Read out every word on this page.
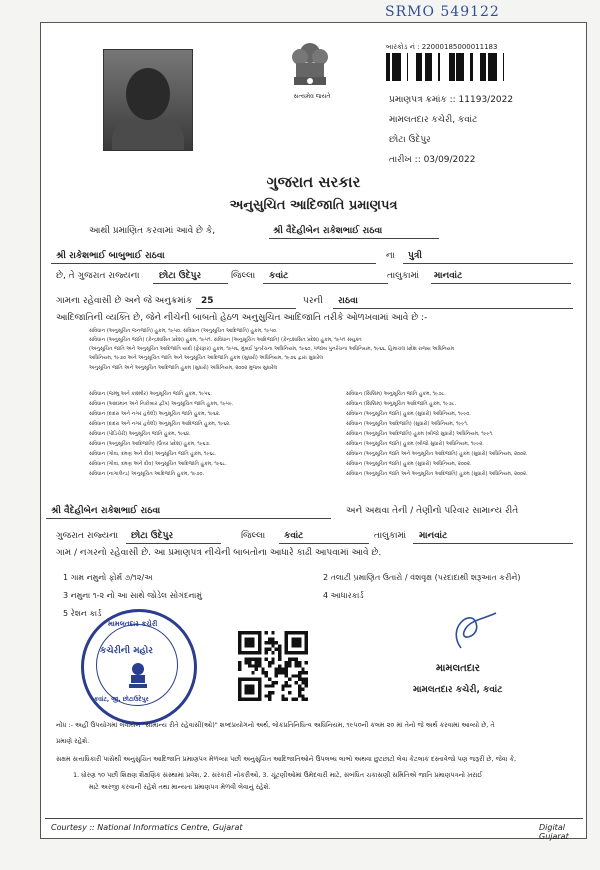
SRMO 549122
સત્યમેવ જયતે
બારકોડ નં : 22000185000011183
પ્રમાણપત્ર ક્રમાંક :: 11193/2022
મામલતદાર કચેરી, કવાંટ
છોટા ઉદેપુર
તારીખ :: 03/09/2022
ગુજરાત સરકાર
અનુસુચિત આદિજાતિ પ્રમાણપત્ર
આથી પ્રમાણિત કરવામાં આવે છે કે,	શ્રી વૈદેહીબેન રાકેશભાઈ રાઠવા
શ્રી રાકેશભાઈ બાબુભાઈ રાઠવા	ના પુત્રી
છે, તે ગુજરાત રાજ્યના છોટા ઉદેપુર	જિલ્લા કવાંટ	તાલુકામાં માનવાંટ
ગામના રહેવાસી છે અને જે અનુક્રમાંક 25	પરની રાઠવા
આદિજાતિની વ્યક્તિ છે, જેને નીચેની બાબતો હેઠળ અનુસુચિત આદિજાતિ તરીકે ઓળખવામાં આવે છે :-
સંવિધાન (અનુસૂચિત જનજાતિ) હુકમ, ૧૯૫૦. સંવિધાન (અનુસૂચિત આદિજાતિ) હુકમ, ૧૯૫૦.
સંવિધાન (અનુસૂચિત જાતિ) (કેન્દ્રશાસિત પ્રદેશ) હુકમ, ૧૯૫૧. સંવિધાન (અનુસૂચિત આદિજાતિ) (કેન્દ્રશાસિત પ્રદેશ) હુકમ, ૧૯૫૧ સંયુક્ત
(અનુસૂચિત જાતિ અને અનુસૂચિત આદિજાતિ યાદી (ફેરફાર) હુકમ, ૧૯૫૬, મુંબઈ પુનર્રચના અધિનિયમ, ૧૯૬૦, પંજાબ પુનર્રચના અધિનિયમ, ૧૯૬૬, હિમાચલ પ્રદેશ રાજ્ય અધિનિયમ
અધિનિયમ, ૧૯૭૦ અને અનુસૂચિત જાતિ અને અનુસૂચિત આદિજાતિ હુકમ (સુધારો) અધિનિયમ, ૧૯૭૬ દ્વારા સુધારેલ
અનુસૂચિત જાતિ અને અનુસૂચિત આદિજાતિ હુકમ (સુધારો) અધિનિયમ, ૨૦૦૨ મુજબ સુધારેલ
સંવિધાન (જમ્મુ અને કાશ્મીર) અનુસૂચિત જાતિ હુકમ, ૧૯૫૬.
સંવિધાન (આંદામાન અને નિકોબાર દ્વીપ) અનુસૂચિત જાતિ હુકમ, ૧૯૫૯.
સંવિધાન (દાદરા અને નગર હવેલી) અનુસૂચિત જાતિ હુકમ, ૧૯૬૨.
સંવિધાન (દાદરા અને નગર હવેલી) અનુસૂચિત આદિજાતિ હુકમ, ૧૯૬૨.
સંવિધાન (પોંડિચેરી) અનુસૂચિત જાતિ હુકમ, ૧૯૬૪.
સંવિધાન (અનુસૂચિત આદિજાતિ) (ઉત્તર પ્રદેશ) હુકમ, ૧૯૬૭.
સંવિધાન (ગોવા, દમણ અને દીવ) અનુસૂચિત જાતિ હુકમ, ૧૯૬૮.
સંવિધાન (ગોવા, દમણ અને દીવ) અનુસૂચિત આદિજાતિ હુકમ, ૧૯૬૮.
સંવિધાન (નાગાલેન્ડ) અનુસૂચિત આદિજાતિ હુકમ, ૧૯૭૦.
સંવિધાન (સિક્કિમ) અનુસૂચિત જાતિ હુકમ, ૧૯૭૮.
સંવિધાન (સિક્કિમ) અનુસૂચિત આદિજાતિ હુકમ, ૧૯૭૮.
સંવિધાન (અનુસૂચિત જાતિ) હુકમ (સુધારો) અધિનિયમ, ૧૯૯૦.
સંવિધાન (અનુસૂચિત આદિજાતિ) (સુધારો) અધિનિયમ, ૧૯૯૧.
સંવિધાન (અનુસૂચિત આદિજાતિ) હુકમ (બીજો સુધારો) અધિનિયમ, ૧૯૯૧.
સંવિધાન (અનુસૂચિત જાતિ) હુકમ (બીજો સુધારો) અધિનિયમ, ૧૯૯૨.
સંવિધાન (અનુસૂચિત જાતિ અને અનુસૂચિત આદિજાતિ) હુકમ (સુધારો) અધિનિયમ, ૨૦૦૨.
સંવિધાન (અનુસૂચિત જાતિ) હુકમ (સુધારો) અધિનિયમ, ૨૦૦૨.
સંવિધાન (અનુસૂચિત જાતિ અને અનુસૂચિત આદિજાતિ) હુકમ (સુધારો) અધિનિયમ, ૨૦૦૨.
શ્રી વૈદેહીબેન રાકેશભાઈ રાઠવા	અને અથવા તેની / તેણીનો પરિવાર સામાન્ય રીતે
ગુજરાત રાજ્યના છોટા ઉદેપુર	જિલ્લા કવાંટ	તાલુકામાં માનવાંટ
ગામ / નગરનો રહેવાસી છે. આ પ્રમાણપત્ર નીચેની બાબતોના આધારે કાઢી આપવામાં આવે છે.
1 ગામ નમુનો ફોર્મ ૭/૧૨/અ	2 તલાટી પ્રમાણિત ઉતારો / વંશવૃક્ષ (પરદાદાથી શરૂઆત કરીને)
3 નમુના ૧-૨ નો આ સાથે જોડેલ સોગંદનામું	4 આધારકાર્ડ
5 રેશન કાર્ડ
મામલતદાર કચેરી
કચેરીની મહોર
કવાંટ, જી. છોટાઉદેપુર
મામલતદાર
મામલતદાર કચેરી, કવાંટ
નોંધ :- અહીં ઉપયોગમાં લેવાયેલ "સામાન્ય રીતે રહેવાસી(ઓ)" શબ્દપ્રયોગનો અર્થ, લોકપ્રતિનિધિત્વ અધિનિયમ, ૧૯૫૦ની કલમ ૨૦ માં તેનો જે અર્થ કરવામાં આવ્યો છે, તે
પ્રમાણે રહેશે.
સક્ષમ સત્તાધિકારી પાસેથી અનુસુચિત આદિજાતિ પ્રમાણપત્ર મેળવ્યા પછી અનુસુચિત આદિજાતિઓને ઉપલબ્ધ લાભો અથવા છુટછાટો લેવા કેટલાક દસ્તાવેજો પણ જરૂરી છે, જેવા કે,
1. ધોરણ ૧૦ પછી શિક્ષણ શૈક્ષણિક સંસ્થામાં પ્રવેશ, 2. સરકારી નોકરીઓ, 3. ચૂંટણીઓમાં ઉમેદવારી માટે, સંબંધિત ચકાસણી સમિતિએ જાતિ પ્રમાણપત્રનો ખરાઈ
માટે અરજી કરવાની રહેશે તથા માન્યતા પ્રમાણપત્ર મેળવી લેવાનું રહેશે.
Courtesy :: National Informatics Centre, Gujarat	Digital Gujarat
